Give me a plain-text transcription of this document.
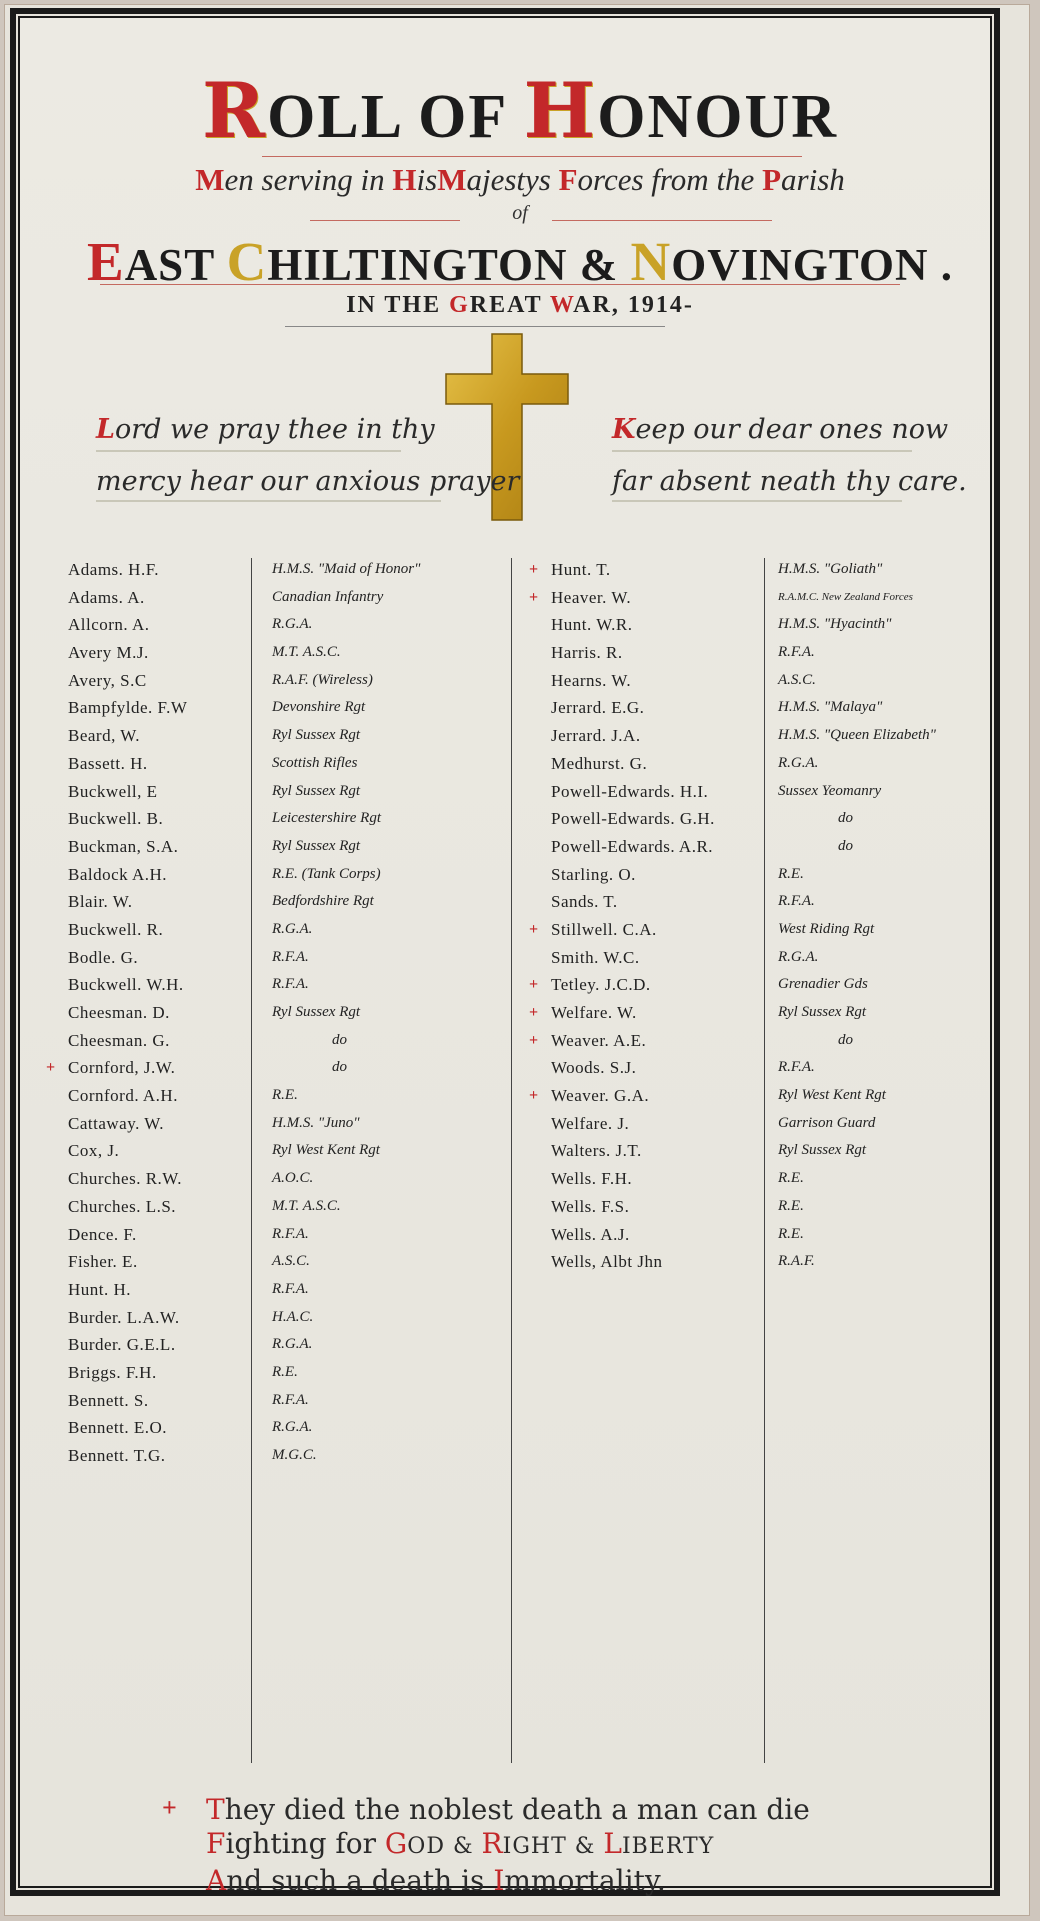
ROLL OF HONOUR
Men serving in HisMajestys Forces from the Parish
of
EAST CHILTINGTON & NOVINGTON .
IN THE GREAT WAR, 1914-
Lord we pray thee in thy
mercy hear our anxious prayer
Keep our dear ones now
far absent neath thy care.
Adams. H.F.
Adams. A.
Allcorn. A.
Avery M.J.
Avery, S.C
Bampfylde. F.W
Beard, W.
Bassett. H.
Buckwell, E
Buckwell. B.
Buckman, S.A.
Baldock A.H.
Blair. W.
Buckwell. R.
Bodle. G.
Buckwell. W.H.
Cheesman. D.
Cheesman. G.
+ Cornford, J.W.
Cornford. A.H.
Cattaway. W.
Cox, J.
Churches. R.W.
Churches. L.S.
Dence. F.
Fisher. E.
Hunt. H.
Burder. L.A.W.
Burder. G.E.L.
Briggs. F.H.
Bennett. S.
Bennett. E.O.
Bennett. T.G.
H.M.S. "Maid of Honor"
Canadian Infantry
R.G.A.
M.T. A.S.C.
R.A.F. (Wireless)
Devonshire Rgt
Ryl Sussex Rgt
Scottish Rifles
Ryl Sussex Rgt
Leicestershire Rgt
Ryl Sussex Rgt
R.E. (Tank Corps)
Bedfordshire Rgt
R.G.A.
R.F.A.
R.F.A.
Ryl Sussex Rgt
do
do
R.E.
H.M.S. "Juno"
Ryl West Kent Rgt
A.O.C.
M.T. A.S.C.
R.F.A.
A.S.C.
R.F.A.
H.A.C.
R.G.A.
R.E.
R.F.A.
R.G.A.
M.G.C.
+ Hunt. T.
+ Heaver. W.
Hunt. W.R.
Harris. R.
Hearns. W.
Jerrard. E.G.
Jerrard. J.A.
Medhurst. G.
Powell-Edwards. H.I.
Powell-Edwards. G.H.
Powell-Edwards. A.R.
Starling. O.
Sands. T.
+ Stillwell. C.A.
Smith. W.C.
+ Tetley. J.C.D.
+ Welfare. W.
+ Weaver. A.E.
Woods. S.J.
+ Weaver. G.A.
Welfare. J.
Walters. J.T.
Wells. F.H.
Wells. F.S.
Wells. A.J.
Wells, Albt Jhn
H.M.S. "Goliath"
R.A.M.C. New Zealand Forces
H.M.S. "Hyacinth"
R.F.A.
A.S.C.
H.M.S. "Malaya"
H.M.S. "Queen Elizabeth"
R.G.A.
Sussex Yeomanry
do
do
R.E.
R.F.A.
West Riding Rgt
R.G.A.
Grenadier Gds
Ryl Sussex Rgt
do
R.F.A.
Ryl West Kent Rgt
Garrison Guard
Ryl Sussex Rgt
R.E.
R.E.
R.E.
R.A.F.
+ They died the noblest death a man can die
Fighting for GOD & RIGHT & LIBERTY
And such a death is Immortality.
